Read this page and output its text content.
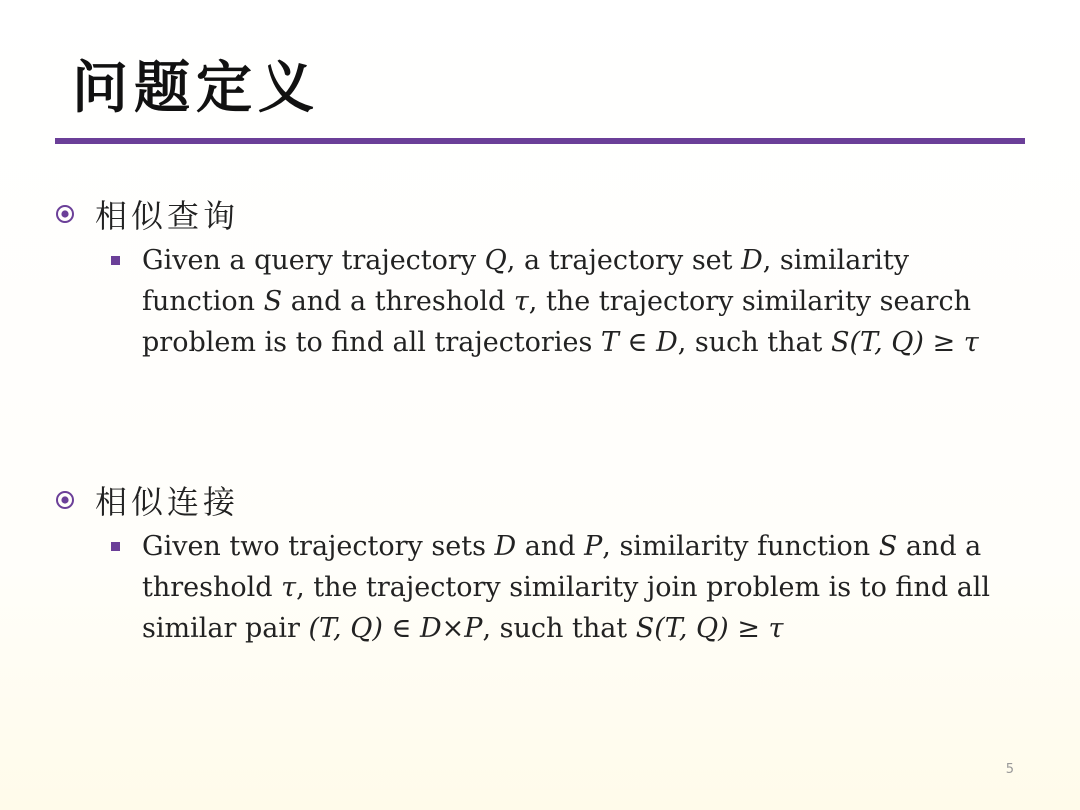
问题定义
相似查询
Given a query trajectory Q, a trajectory set D, similarity function S and a threshold τ, the trajectory similarity search problem is to find all trajectories T ∈ D, such that S(T, Q) ≥ τ
相似连接
Given two trajectory sets D and P, similarity function S and a threshold τ, the trajectory similarity join problem is to find all similar pair (T, Q) ∈ D×P, such that S(T, Q) ≥ τ
5
